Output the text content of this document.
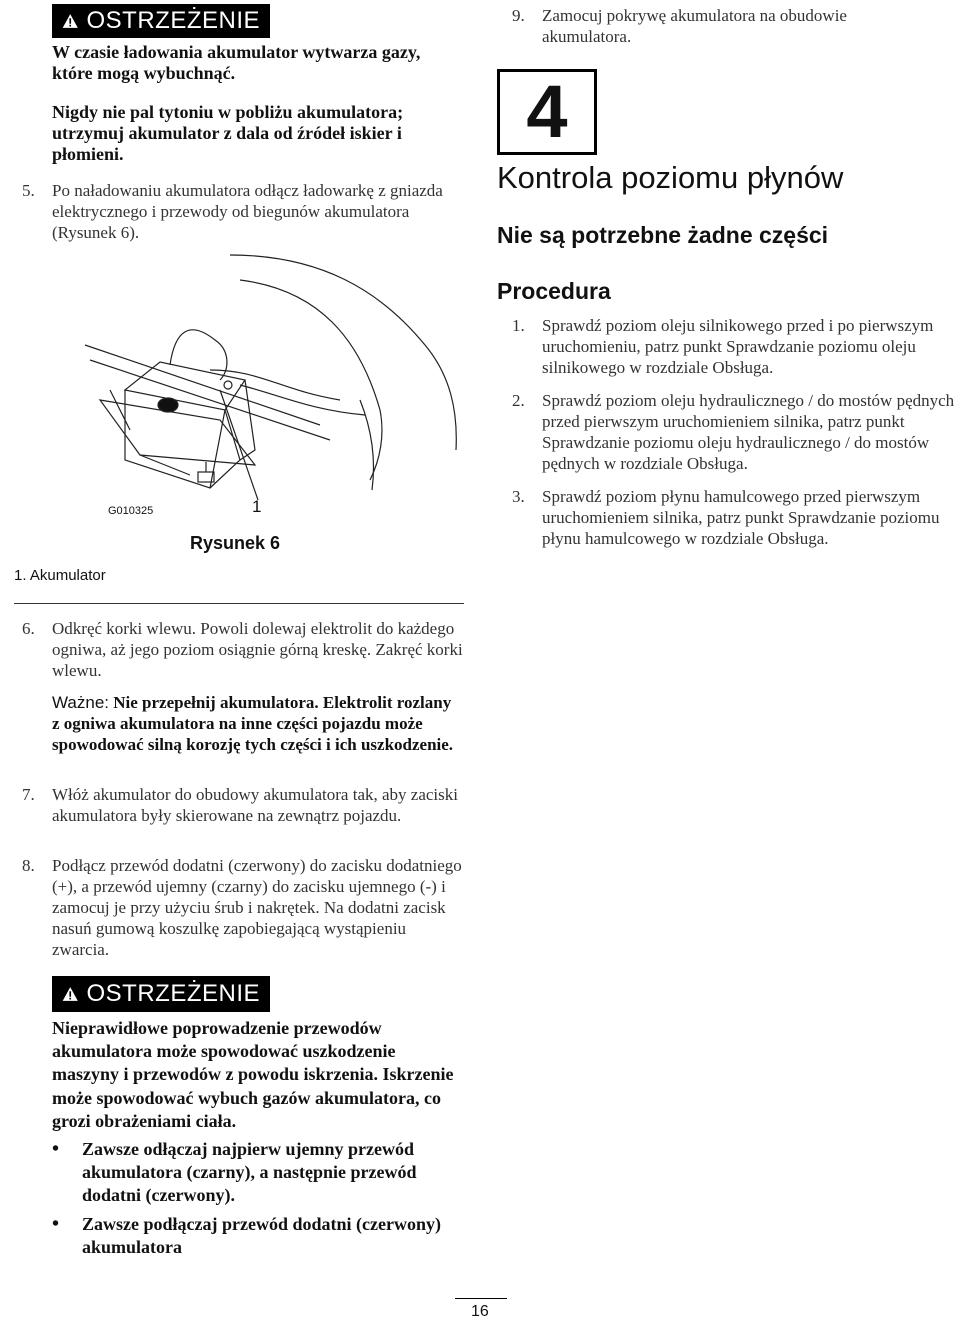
OSTRZEŻENIE
W czasie ładowania akumulator wytwarza gazy, które mogą wybuchnąć.
Nigdy nie pal tytoniu w pobliżu akumulatora; utrzymuj akumulator z dala od źródeł iskier i płomieni.
5.	Po naładowaniu akumulatora odłącz ładowarkę z gniazda elektrycznego i przewody od biegunów akumulatora (Rysunek 6).
G010325	1
Rysunek 6
1. Akumulator
6.	Odkręć korki wlewu. Powoli dolewaj elektrolit do każdego ogniwa, aż jego poziom osiągnie górną kreskę. Zakręć korki wlewu.
Ważne: Nie przepełnij akumulatora. Elektrolit rozlany z ogniwa akumulatora na inne części pojazdu może spowodować silną korozję tych części i ich uszkodzenie.
7.	Włóż akumulator do obudowy akumulatora tak, aby zaciski akumulatora były skierowane na zewnątrz pojazdu.
8.	Podłącz przewód dodatni (czerwony) do zacisku dodatniego (+), a przewód ujemny (czarny) do zacisku ujemnego (-) i zamocuj je przy użyciu śrub i nakrętek. Na dodatni zacisk nasuń gumową koszulkę zapobiegającą wystąpieniu zwarcia.
OSTRZEŻENIE
Nieprawidłowe poprowadzenie przewodów akumulatora może spowodować uszkodzenie maszyny i przewodów z powodu iskrzenia. Iskrzenie może spowodować wybuch gazów akumulatora, co grozi obrażeniami ciała.
•	Zawsze odłączaj najpierw ujemny przewód akumulatora (czarny), a następnie przewód dodatni (czerwony).
•	Zawsze podłączaj przewód dodatni (czerwony) akumulatora
9.	Zamocuj pokrywę akumulatora na obudowie akumulatora.
4
Kontrola poziomu płynów
Nie są potrzebne żadne części
Procedura
1.	Sprawdź poziom oleju silnikowego przed i po pierwszym uruchomieniu, patrz punkt Sprawdzanie poziomu oleju silnikowego w rozdziale Obsługa.
2.	Sprawdź poziom oleju hydraulicznego / do mostów pędnych przed pierwszym uruchomieniem silnika, patrz punkt Sprawdzanie poziomu oleju hydraulicznego / do mostów pędnych w rozdziale Obsługa.
3.	Sprawdź poziom płynu hamulcowego przed pierwszym uruchomieniem silnika, patrz punkt Sprawdzanie poziomu płynu hamulcowego w rozdziale Obsługa.
16
